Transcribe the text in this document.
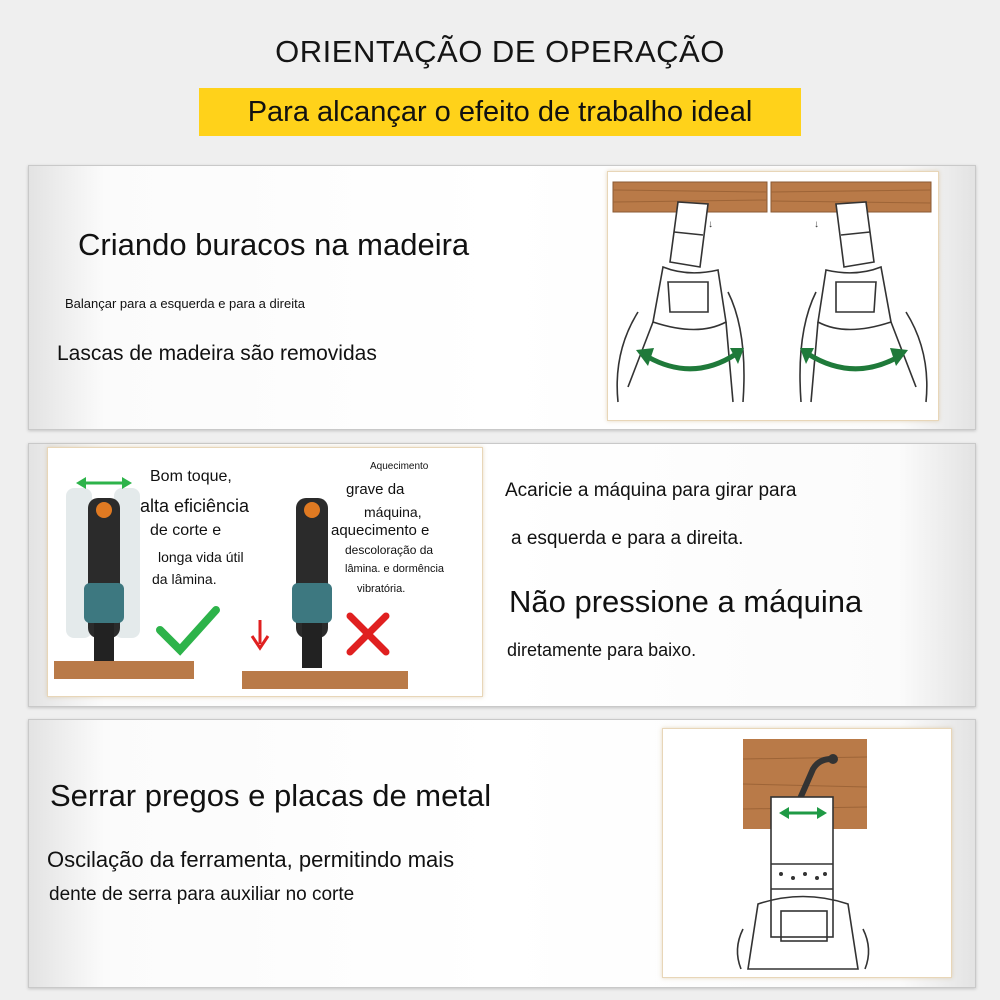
ORIENTAÇÃO DE OPERAÇÃO
Para alcançar o efeito de trabalho ideal
Criando buracos na madeira
Balançar para a esquerda e para a direita
Lascas de madeira são removidas
↓	↓
Bom toque,
alta eficiência
de corte e
longa vida útil
da lâmina.
Aquecimento
grave da
máquina,
aquecimento e
descoloração da
lâmina. e dormência
vibratória.
Acaricie a máquina para girar para
a esquerda e para a direita.
Não pressione a máquina
diretamente para baixo.
Serrar pregos e placas de metal
Oscilação da ferramenta, permitindo mais
dente de serra para auxiliar no corte
